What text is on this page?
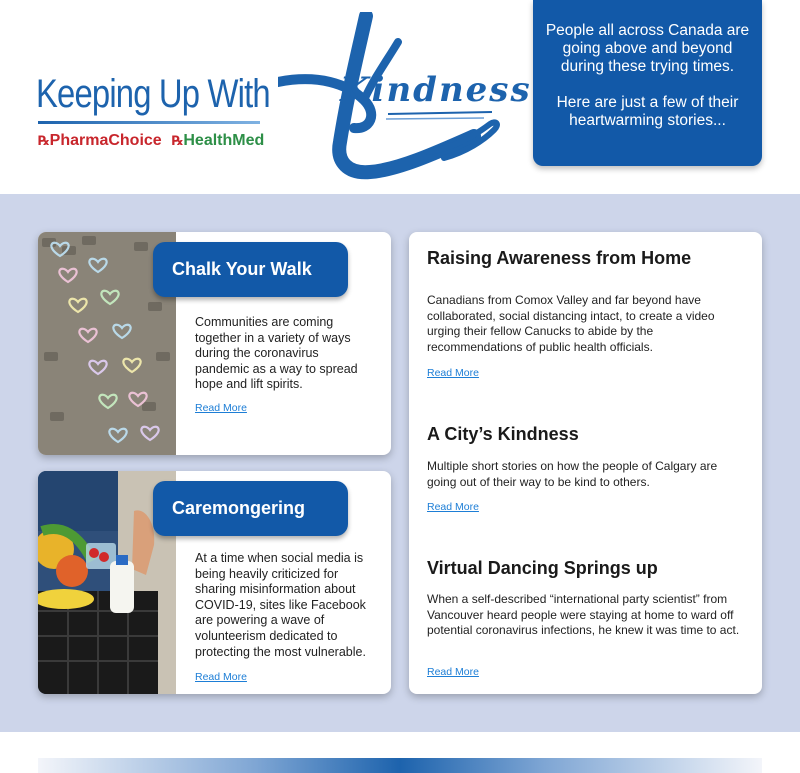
Keeping Up With
℞PharmaChoice ℞HealthMed
Kindness

People all across Canada are going above and beyond during these trying times.

Here are just a few of their heartwarming stories...

Chalk Your Walk
Communities are coming together in a variety of ways during the coronavirus pandemic as a way to spread hope and lift spirits.
Read More
Caremongering
At a time when social media is being heavily criticized for sharing misinformation about COVID-19, sites like Facebook are powering a wave of volunteerism dedicated to protecting the most vulnerable.
Read More
Raising Awareness from Home
Canadians from Comox Valley and far beyond have collaborated, social distancing intact, to create a video urging their fellow Canucks to abide by the recommendations of public health officials.
Read More
A City’s Kindness
Multiple short stories on how the people of Calgary are going out of their way to be kind to others.
Read More
Virtual Dancing Springs up
When a self-described “international party scientist” from Vancouver heard people were staying at home to ward off potential coronavirus infections, he knew it was time to act.
Read More
